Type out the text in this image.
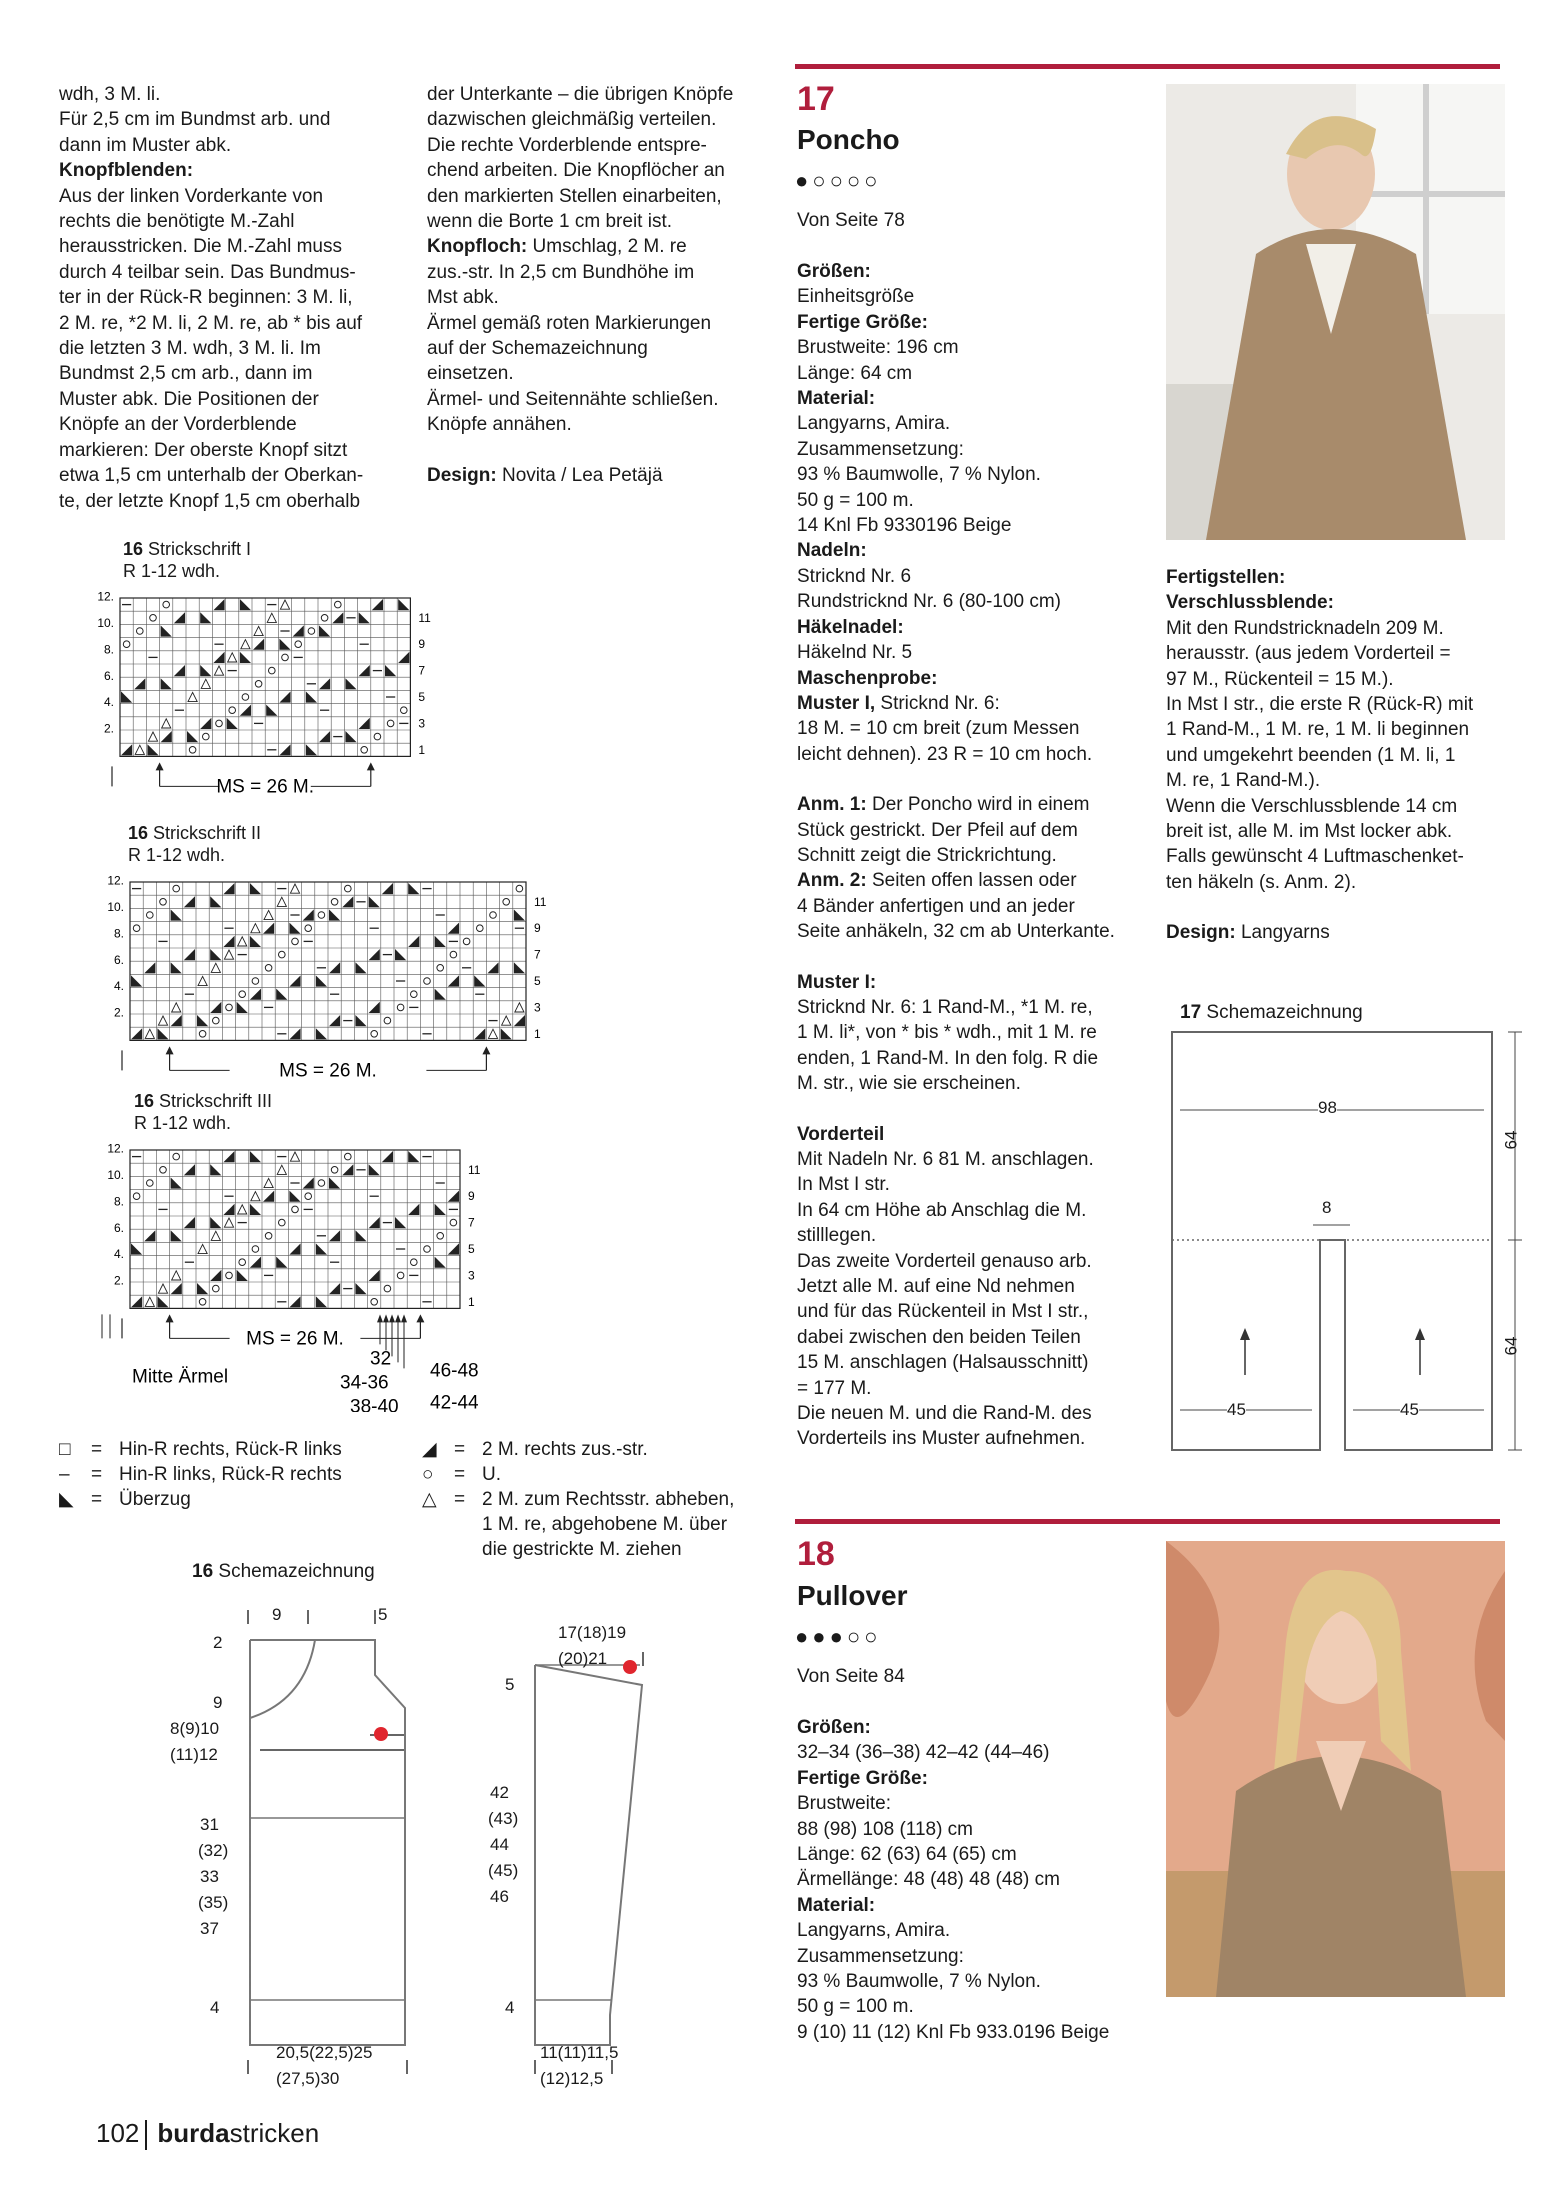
wdh, 3 M. li.

Für 2,5 cm im Bundmst arb. und

dann im Muster abk.

Knopfblenden:

Aus der linken Vorderkante von

rechts die benötigte M.-Zahl

herausstricken. Die M.-Zahl muss

durch 4 teilbar sein. Das Bundmus-

ter in der Rück-R beginnen: 3 M. li,

2 M. re, *2 M. li, 2 M. re, ab * bis auf

die letzten 3 M. wdh, 3 M. li. Im

Bundmst 2,5 cm arb., dann im

Muster abk. Die Positionen der

Knöpfe an der Vorderblende

markieren: Der oberste Knopf sitzt

etwa 1,5 cm unterhalb der Oberkan-

te, der letzte Knopf 1,5 cm oberhalb

der Unterkante – die übrigen Knöpfe

dazwischen gleichmäßig verteilen.

Die rechte Vorderblende entspre-

chend arbeiten. Die Knopflöcher an

den markierten Stellen einarbeiten,

wenn die Borte 1 cm breit ist.

Knopfloch: Umschlag, 2 M. re

zus.-str. In 2,5 cm Bundhöhe im

Mst abk.

Ärmel gemäß roten Markierungen

auf der Schemazeichnung

einsetzen.

Ärmel- und Seitennähte schließen.

Knöpfe annähen.

Design: Novita / Lea Petäjä

16 Strickschrift I
R 1-12 wdh.
12.
10.
8.
6.
4.
2.
11
9
7
5
3
1
MS = 26 M.
16 Strickschrift II
R 1-12 wdh.
12.
10.
8.
6.
4.
2.
11
9
7
5
3
1
MS = 26 M.
16 Strickschrift III
R 1-12 wdh.
12.
10.
8.
6.
4.
2.
11
9
7
5
3
1
MS = 26 M.
Mitte Ärmel
32
34-36
38-40
46-48
42-44
□	= Hin-R rechts, Rück-R links
–	= Hin-R links, Rück-R rechts
◣ = Überzug
◢ = 2 M. rechts zus.-str.
○	= U.
△ = 2 M. zum Rechtsstr. abheben,
1 M. re, abgehobene M. über
die gestrickte M. ziehen
16 Schemazeichnung
9	5
2
9
8(9)10
(11)12
31
(32)
33
(35)
37
4
20,5(22,5)25
(27,5)30
17(18)19
(20)21
5
42
(43)
44
(45)
46
4
11(11)11,5
(12)12,5
17
Poncho
●○○○○
Von Seite 78

Größen:

Einheitsgröße

Fertige Größe:

Brustweite: 196 cm

Länge: 64 cm

Material:

Langyarns, Amira.

Zusammensetzung:

93 % Baumwolle, 7 % Nylon.

50 g = 100 m.

14 Knl Fb 9330196 Beige

Nadeln:

Stricknd Nr. 6

Rundstricknd Nr. 6 (80-100 cm)

Häkelnadel:

Häkelnd Nr. 5

Maschenprobe:

Muster I, Stricknd Nr. 6:

18 M. = 10 cm breit (zum Messen

leicht dehnen). 23 R = 10 cm hoch.

Anm. 1: Der Poncho wird in einem

Stück gestrickt. Der Pfeil auf dem

Schnitt zeigt die Strickrichtung.

Anm. 2: Seiten offen lassen oder

4 Bänder anfertigen und an jeder

Seite anhäkeln, 32 cm ab Unterkante.

Muster I:

Stricknd Nr. 6: 1 Rand-M., *1 M. re,

1 M. li*, von * bis * wdh., mit 1 M. re

enden, 1 Rand-M. In den folg. R die

M. str., wie sie erscheinen.

Vorderteil

Mit Nadeln Nr. 6 81 M. anschlagen.

In Mst I str.

In 64 cm Höhe ab Anschlag die M.

stilllegen.

Das zweite Vorderteil genauso arb.

Jetzt alle M. auf eine Nd nehmen

und für das Rückenteil in Mst I str.,

dabei zwischen den beiden Teilen

15 M. anschlagen (Halsausschnitt)

= 177 M.

Die neuen M. und die Rand-M. des

Vorderteils ins Muster aufnehmen.

Fertigstellen:

Verschlussblende:

Mit den Rundstricknadeln 209 M.

herausstr. (aus jedem Vorderteil =

97 M., Rückenteil = 15 M.).

In Mst I str., die erste R (Rück-R) mit

1 Rand-M., 1 M. re, 1 M. li beginnen

und umgekehrt beenden (1 M. li, 1

M. re, 1 Rand-M.).

Wenn die Verschlussblende 14 cm

breit ist, alle M. im Mst locker abk.

Falls gewünscht 4 Luftmaschenket-

ten häkeln (s. Anm. 2).

Design: Langyarns

17 Schemazeichnung
98
8
45	45
64
64
18
Pullover
●●●○○
Von Seite 84

Größen:

32–34 (36–38) 42–42 (44–46)

Fertige Größe:

Brustweite:

88 (98) 108 (118) cm

Länge: 62 (63) 64 (65) cm

Ärmellänge: 48 (48) 48 (48) cm

Material:

Langyarns, Amira.

Zusammensetzung:

93 % Baumwolle, 7 % Nylon.

50 g = 100 m.

9 (10) 11 (12) Knl Fb 933.0196 Beige

102 burdastricken
